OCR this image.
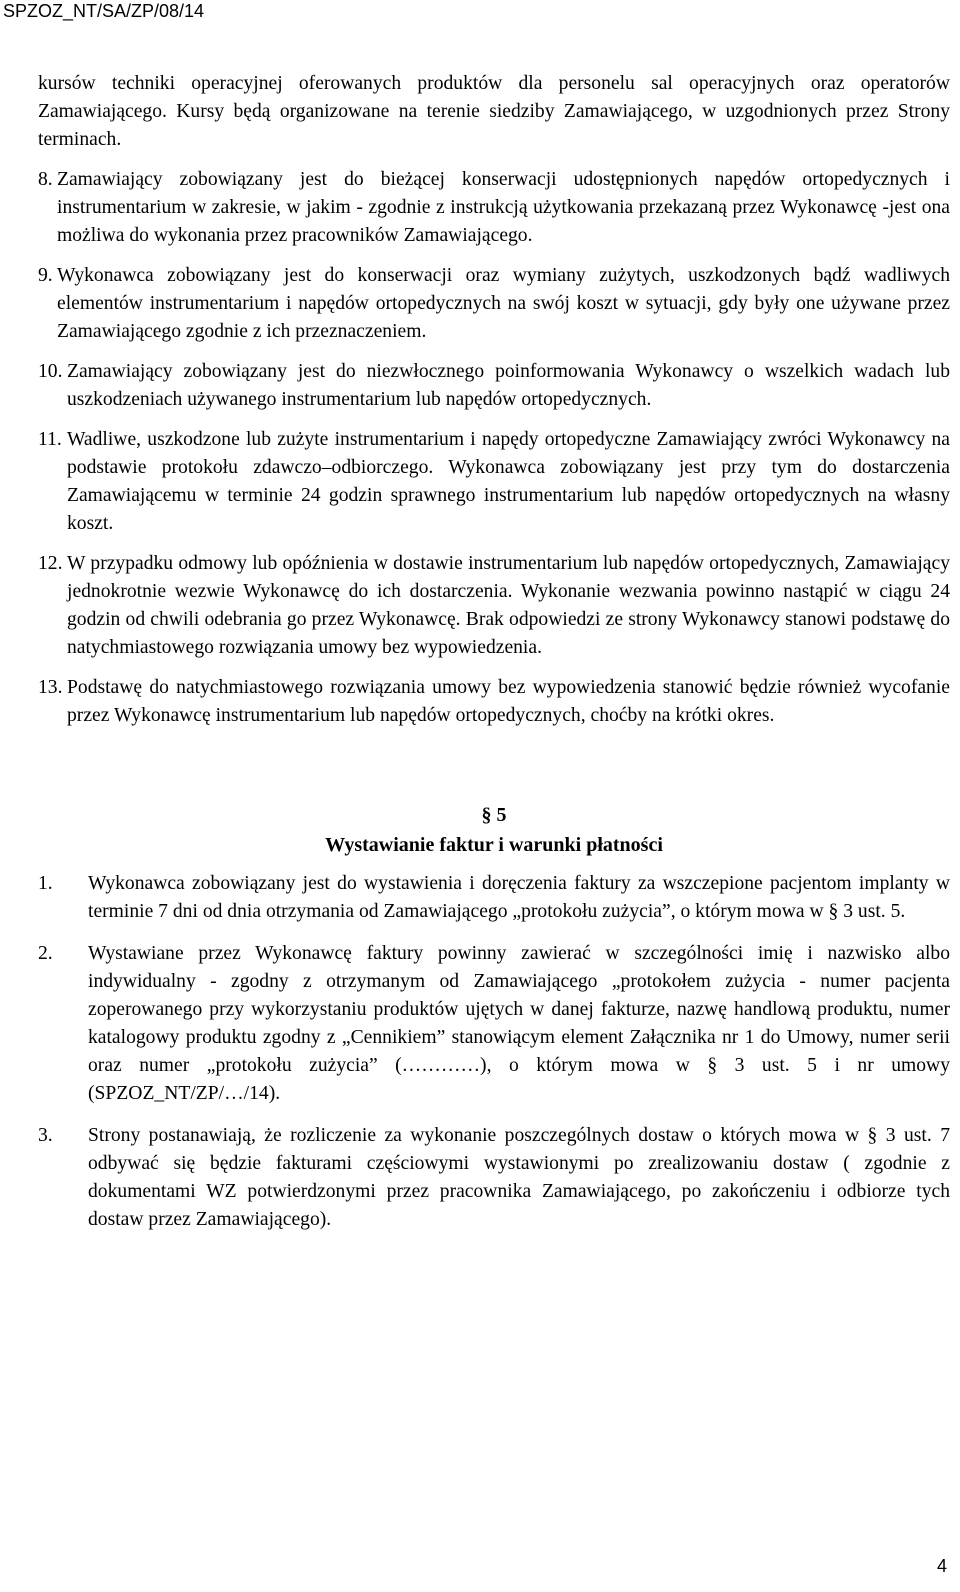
SPZOZ_NT/SA/ZP/08/14

kursów techniki operacyjnej oferowanych produktów dla personelu sal operacyjnych oraz operatorów Zamawiającego. Kursy będą organizowane na terenie siedziby Zamawiającego, w uzgodnionych przez Strony terminach.

8. Zamawiający zobowiązany jest do bieżącej konserwacji udostępnionych napędów ortopedycznych i instrumentarium w zakresie, w jakim - zgodnie z instrukcją użytkowania przekazaną przez Wykonawcę -jest ona możliwa do wykonania przez pracowników Zamawiającego.
9. Wykonawca zobowiązany jest do konserwacji oraz wymiany zużytych, uszkodzonych bądź wadliwych elementów instrumentarium i napędów ortopedycznych na swój koszt w sytuacji, gdy były one używane przez Zamawiającego zgodnie z ich przeznaczeniem.
10. Zamawiający zobowiązany jest do niezwłocznego poinformowania Wykonawcy o wszelkich wadach lub uszkodzeniach używanego instrumentarium lub napędów ortopedycznych.
11. Wadliwe, uszkodzone lub zużyte instrumentarium i napędy ortopedyczne Zamawiający zwróci Wykonawcy na podstawie protokołu zdawczo–odbiorczego. Wykonawca zobowiązany jest przy tym do dostarczenia Zamawiającemu w terminie 24 godzin sprawnego instrumentarium lub napędów ortopedycznych na własny koszt.
12. W przypadku odmowy lub opóźnienia w dostawie instrumentarium lub napędów ortopedycznych, Zamawiający jednokrotnie wezwie Wykonawcę do ich dostarczenia. Wykonanie wezwania powinno nastąpić w ciągu 24 godzin od chwili odebrania go przez Wykonawcę. Brak odpowiedzi ze strony Wykonawcy stanowi podstawę do natychmiastowego rozwiązania umowy bez wypowiedzenia.
13. Podstawę do natychmiastowego rozwiązania umowy bez wypowiedzenia stanowić będzie również wycofanie przez Wykonawcę instrumentarium lub napędów ortopedycznych, choćby na krótki okres.
§ 5
Wystawianie faktur i warunki płatności
1.	Wykonawca zobowiązany jest do wystawienia i doręczenia faktury za wszczepione pacjentom implanty w terminie 7 dni od dnia otrzymania od Zamawiającego „protokołu zużycia”, o którym mowa w § 3 ust. 5.
2.	Wystawiane przez Wykonawcę faktury powinny zawierać w szczególności imię i nazwisko albo indywidualny - zgodny z otrzymanym od Zamawiającego „protokołem zużycia - numer pacjenta zoperowanego przy wykorzystaniu produktów ujętych w danej fakturze, nazwę handlową produktu, numer katalogowy produktu zgodny z „Cennikiem” stanowiącym element Załącznika nr 1 do Umowy, numer serii oraz numer „protokołu zużycia” (…………), o którym mowa w § 3 ust. 5 i nr umowy (SPZOZ_NT/ZP/…/14).
3.	Strony postanawiają, że rozliczenie za wykonanie poszczególnych dostaw o których mowa w § 3 ust. 7 odbywać się będzie fakturami częściowymi wystawionymi po zrealizowaniu dostaw ( zgodnie z dokumentami WZ potwierdzonymi przez pracownika Zamawiającego, po zakończeniu i odbiorze tych dostaw przez Zamawiającego).
4
